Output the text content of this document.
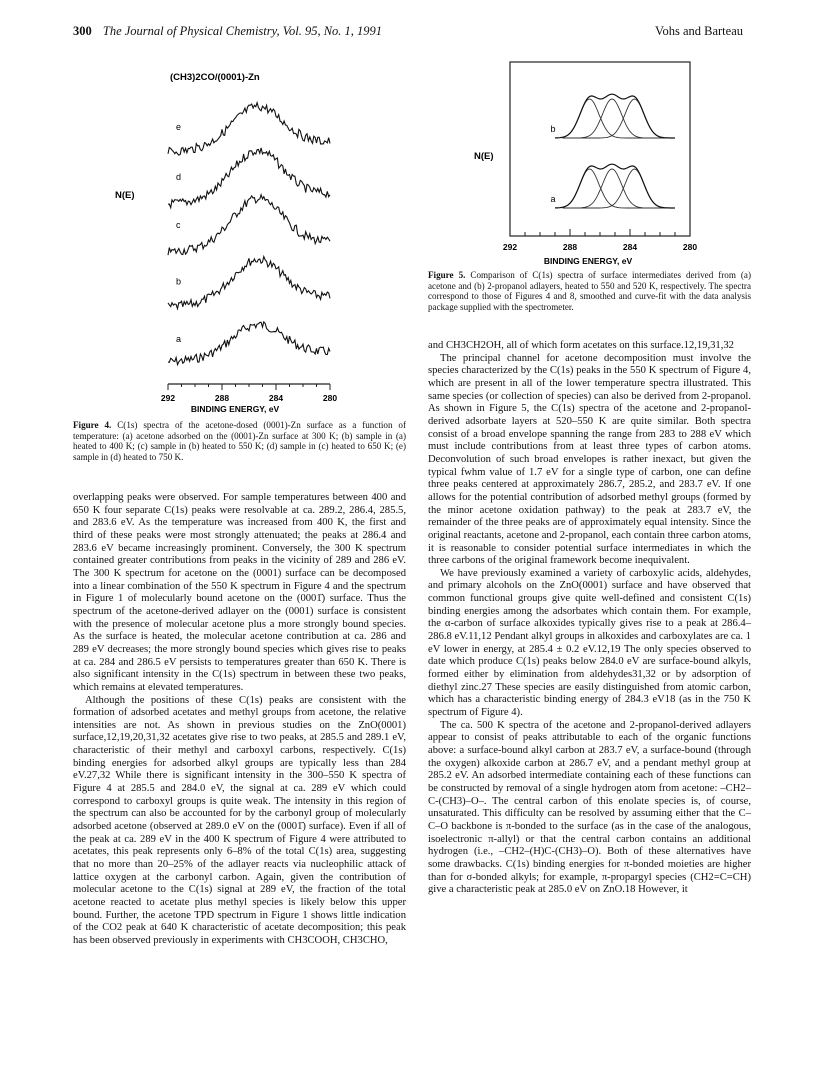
300 The Journal of Physical Chemistry, Vol. 95, No. 1, 1991	Vohs and Barteau
(CH3)2CO/(0001)-Zn
N(E)
a
b
c
d
e
292	288	284	280
BINDING ENERGY, eV
Figure 4. C(1s) spectra of the acetone-dosed (0001)-Zn surface as a function of temperature: (a) acetone adsorbed on the (0001)-Zn surface at 300 K; (b) sample in (a) heated to 400 K; (c) sample in (b) heated to 550 K; (d) sample in (c) heated to 650 K; (e) sample in (d) heated to 750 K.
N(E)
a
b
292	288	284	280
BINDING ENERGY, eV
Figure 5. Comparison of C(1s) spectra of surface intermediates derived from (a) acetone and (b) 2-propanol adlayers, heated to 550 and 520 K, respectively. The spectra correspond to those of Figures 4 and 8, smoothed and curve-fit with the data analysis package supplied with the spectrometer.

overlapping peaks were observed. For sample temperatures between 400 and 650 K four separate C(1s) peaks were resolvable at ca. 289.2, 286.4, 285.5, and 283.6 eV. As the temperature was increased from 400 K, the first and third of these peaks were most strongly attenuated; the peaks at 286.4 and 283.6 eV became increasingly prominent. Conversely, the 300 K spectrum contained greater contributions from peaks in the vicinity of 289 and 286 eV. The 300 K spectrum for acetone on the (0001) surface can be decomposed into a linear combination of the 550 K spectrum in Figure 4 and the spectrum in Figure 1 of molecularly bound acetone on the (0001̄) surface. Thus the spectrum of the acetone-derived adlayer on the (0001) surface is consistent with the presence of molecular acetone plus a more strongly bound species. As the surface is heated, the molecular acetone contribution at ca. 286 and 289 eV decreases; the more strongly bound species which gives rise to peaks at ca. 284 and 286.5 eV persists to temperatures greater than 650 K. There is also significant intensity in the C(1s) spectrum in between these two peaks, which remains at elevated temperatures.

Although the positions of these C(1s) peaks are consistent with the formation of adsorbed acetates and methyl groups from acetone, the relative intensities are not. As shown in previous studies on the ZnO(0001) surface,12,19,20,31,32 acetates give rise to two peaks, at 285.5 and 289.1 eV, characteristic of their methyl and carboxyl carbons, respectively. C(1s) binding energies for adsorbed alkyl groups are typically less than 284 eV.27,32 While there is significant intensity in the 300–550 K spectra of Figure 4 at 285.5 and 284.0 eV, the signal at ca. 289 eV which could correspond to carboxyl groups is quite weak. The intensity in this region of the spectrum can also be accounted for by the carbonyl group of molecularly adsorbed acetone (observed at 289.0 eV on the (0001̄) surface). Even if all of the peak at ca. 289 eV in the 400 K spectrum of Figure 4 were attributed to acetates, this peak represents only 6–8% of the total C(1s) area, suggesting that no more than 20–25% of the adlayer reacts via nucleophilic attack of lattice oxygen at the carbonyl carbon. Again, given the contribution of molecular acetone to the C(1s) signal at 289 eV, the fraction of the total acetone reacted to acetate plus methyl species is likely below this upper bound. Further, the acetone TPD spectrum in Figure 1 shows little indication of the CO2 peak at 640 K characteristic of acetate decomposition; this peak has been observed previously in experiments with CH3COOH, CH3CHO,

and CH3CH2OH, all of which form acetates on this surface.12,19,31,32

The principal channel for acetone decomposition must involve the species characterized by the C(1s) peaks in the 550 K spectrum of Figure 4, which are present in all of the lower temperature spectra illustrated. This same species (or collection of species) can also be derived from 2-propanol. As shown in Figure 5, the C(1s) spectra of the acetone and 2-propanol-derived adsorbate layers at 520–550 K are quite similar. Both spectra consist of a broad envelope spanning the range from 283 to 288 eV which must include contributions from at least three types of carbon atoms. Deconvolution of such broad envelopes is rather inexact, but given the typical fwhm value of 1.7 eV for a single type of carbon, one can define three peaks centered at approximately 286.7, 285.2, and 283.7 eV. If one allows for the potential contribution of adsorbed methyl groups (formed by the minor acetone oxidation pathway) to the peak at 283.7 eV, the remainder of the three peaks are of approximately equal intensity. Since the original reactants, acetone and 2-propanol, each contain three carbon atoms, it is reasonable to consider potential surface intermediates in which the three carbons of the original framework become inequivalent.

We have previously examined a variety of carboxylic acids, aldehydes, and primary alcohols on the ZnO(0001) surface and have observed that common functional groups give quite well-defined and consistent C(1s) binding energies among the adsorbates which contain them. For example, the α-carbon of surface alkoxides typically gives rise to a peak at 286.4–286.8 eV.11,12 Pendant alkyl groups in alkoxides and carboxylates are ca. 1 eV lower in energy, at 285.4 ± 0.2 eV.12,19 The only species observed to date which produce C(1s) peaks below 284.0 eV are surface-bound alkyls, formed either by elimination from aldehydes31,32 or by adsorption of diethyl zinc.27 These species are easily distinguished from atomic carbon, which has a characteristic binding energy of 284.3 eV18 (as in the 750 K spectrum of Figure 4).

The ca. 500 K spectra of the acetone and 2-propanol-derived adlayers appear to consist of peaks attributable to each of the organic functions above: a surface-bound alkyl carbon at 283.7 eV, a surface-bound (through the oxygen) alkoxide carbon at 286.7 eV, and a pendant methyl group at 285.2 eV. An adsorbed intermediate containing each of these functions can be constructed by removal of a single hydrogen atom from acetone: –CH2–C-(CH3)–O–. The central carbon of this enolate species is, of course, unsaturated. This difficulty can be resolved by assuming either that the C–C–O backbone is π-bonded to the surface (as in the case of the analogous, isoelectronic π-allyl) or that the central carbon contains an additional hydrogen (i.e., –CH2–(H)C-(CH3)–O). Both of these alternatives have some drawbacks. C(1s) binding energies for π-bonded moieties are higher than for σ-bonded alkyls; for example, π-propargyl species (CH2=C=CH) give a characteristic peak at 285.0 eV on ZnO.18 However, it
